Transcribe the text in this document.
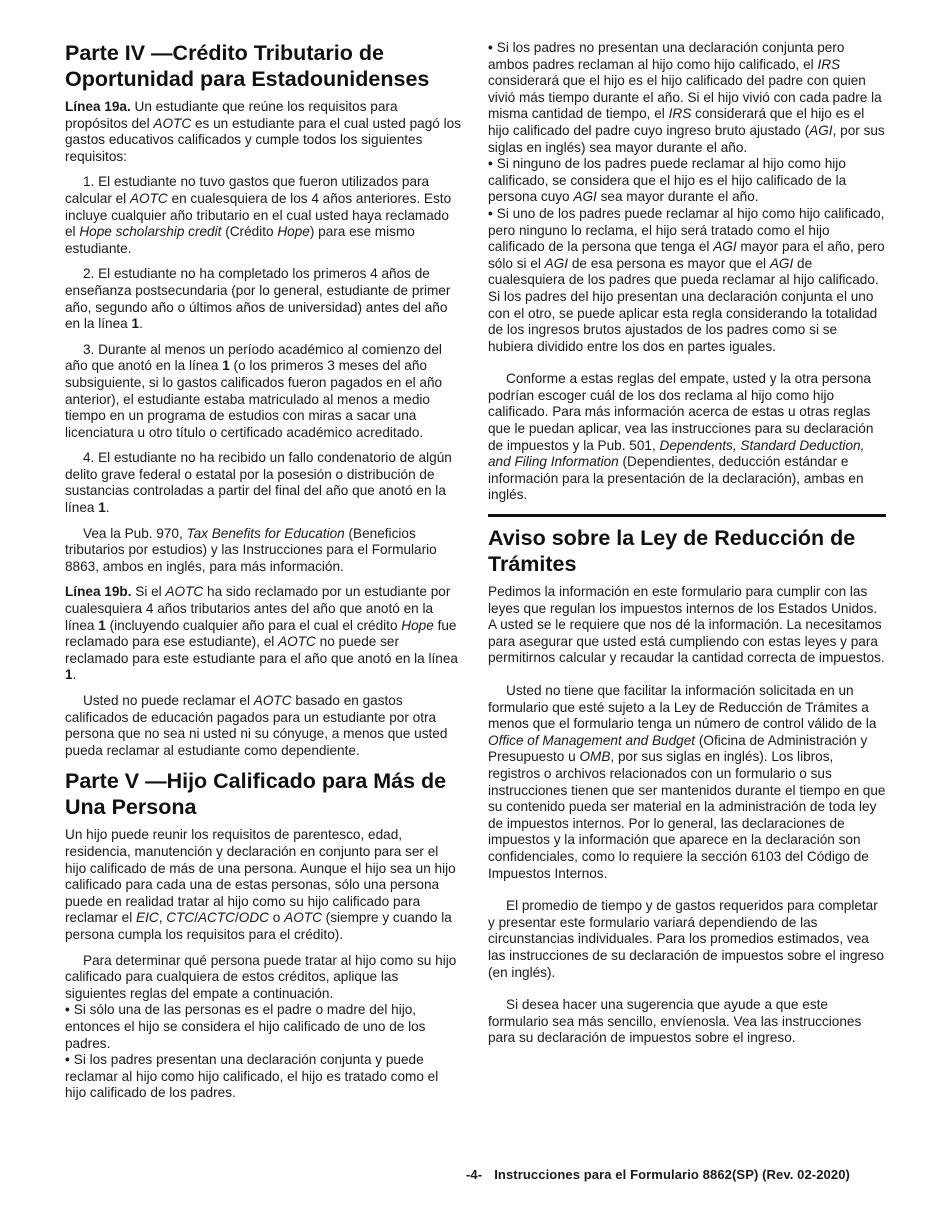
Parte IV —Crédito Tributario de Oportunidad para Estadounidenses

Línea 19a. Un estudiante que reúne los requisitos para propósitos del AOTC es un estudiante para el cual usted pagó los gastos educativos calificados y cumple todos los siguientes requisitos:

1. El estudiante no tuvo gastos que fueron utilizados para calcular el AOTC en cualesquiera de los 4 años anteriores. Esto incluye cualquier año tributario en el cual usted haya reclamado el Hope scholarship credit (Crédito Hope) para ese mismo estudiante.

2. El estudiante no ha completado los primeros 4 años de enseñanza postsecundaria (por lo general, estudiante de primer año, segundo año o últimos años de universidad) antes del año en la línea 1.

3. Durante al menos un período académico al comienzo del año que anotó en la línea 1 (o los primeros 3 meses del año subsiguiente, si lo gastos calificados fueron pagados en el año anterior), el estudiante estaba matriculado al menos a medio tiempo en un programa de estudios con miras a sacar una licenciatura u otro título o certificado académico acreditado.

4. El estudiante no ha recibido un fallo condenatorio de algún delito grave federal o estatal por la posesión o distribución de sustancias controladas a partir del final del año que anotó en la línea 1.

Vea la Pub. 970, Tax Benefits for Education (Beneficios tributarios por estudios) y las Instrucciones para el Formulario 8863, ambos en inglés, para más información.

Línea 19b. Si el AOTC ha sido reclamado por un estudiante por cualesquiera 4 años tributarios antes del año que anotó en la línea 1 (incluyendo cualquier año para el cual el crédito Hope fue reclamado para ese estudiante), el AOTC no puede ser reclamado para este estudiante para el año que anotó en la línea 1.

Usted no puede reclamar el AOTC basado en gastos calificados de educación pagados para un estudiante por otra persona que no sea ni usted ni su cónyuge, a menos que usted pueda reclamar al estudiante como dependiente.

Parte V —Hijo Calificado para Más de Una Persona

Un hijo puede reunir los requisitos de parentesco, edad, residencia, manutención y declaración en conjunto para ser el hijo calificado de más de una persona. Aunque el hijo sea un hijo calificado para cada una de estas personas, sólo una persona puede en realidad tratar al hijo como su hijo calificado para reclamar el EIC, CTC/ACTC/ODC o AOTC (siempre y cuando la persona cumpla los requisitos para el crédito).

Para determinar qué persona puede tratar al hijo como su hijo calificado para cualquiera de estos créditos, aplique las siguientes reglas del empate a continuación.

• Si sólo una de las personas es el padre o madre del hijo, entonces el hijo se considera el hijo calificado de uno de los padres.
• Si los padres presentan una declaración conjunta y puede reclamar al hijo como hijo calificado, el hijo es tratado como el hijo calificado de los padres.
• Si los padres no presentan una declaración conjunta pero ambos padres reclaman al hijo como hijo calificado, el IRS considerará que el hijo es el hijo calificado del padre con quien vivió más tiempo durante el año. Si el hijo vivió con cada padre la misma cantidad de tiempo, el IRS considerará que el hijo es el hijo calificado del padre cuyo ingreso bruto ajustado (AGI, por sus siglas en inglés) sea mayor durante el año.
• Si ninguno de los padres puede reclamar al hijo como hijo calificado, se considera que el hijo es el hijo calificado de la persona cuyo AGI sea mayor durante el año.
• Si uno de los padres puede reclamar al hijo como hijo calificado, pero ninguno lo reclama, el hijo será tratado como el hijo calificado de la persona que tenga el AGI mayor para el año, pero sólo si el AGI de esa persona es mayor que el AGI de cualesquiera de los padres que pueda reclamar al hijo calificado. Si los padres del hijo presentan una declaración conjunta el uno con el otro, se puede aplicar esta regla considerando la totalidad de los ingresos brutos ajustados de los padres como si se hubiera dividido entre los dos en partes iguales.

Conforme a estas reglas del empate, usted y la otra persona podrían escoger cuál de los dos reclama al hijo como hijo calificado. Para más información acerca de estas u otras reglas que le puedan aplicar, vea las instrucciones para su declaración de impuestos y la Pub. 501, Dependents, Standard Deduction, and Filing Information (Dependientes, deducción estándar e información para la presentación de la declaración), ambas en inglés.

Aviso sobre la Ley de Reducción de Trámites

Pedimos la información en este formulario para cumplir con las leyes que regulan los impuestos internos de los Estados Unidos. A usted se le requiere que nos dé la información. La necesitamos para asegurar que usted está cumpliendo con estas leyes y para permitirnos calcular y recaudar la cantidad correcta de impuestos.

Usted no tiene que facilitar la información solicitada en un formulario que esté sujeto a la Ley de Reducción de Trámites a menos que el formulario tenga un número de control válido de la Office of Management and Budget (Oficina de Administración y Presupuesto u OMB, por sus siglas en inglés). Los libros, registros o archivos relacionados con un formulario o sus instrucciones tienen que ser mantenidos durante el tiempo en que su contenido pueda ser material en la administración de toda ley de impuestos internos. Por lo general, las declaraciones de impuestos y la información que aparece en la declaración son confidenciales, como lo requiere la sección 6103 del Código de Impuestos Internos.

El promedio de tiempo y de gastos requeridos para completar y presentar este formulario variará dependiendo de las circunstancias individuales. Para los promedios estimados, vea las instrucciones de su declaración de impuestos sobre el ingreso (en inglés).

Si desea hacer una sugerencia que ayude a que este formulario sea más sencillo, envíenosla. Vea las instrucciones para su declaración de impuestos sobre el ingreso.

-4- Instrucciones para el Formulario 8862(SP) (Rev. 02-2020)
